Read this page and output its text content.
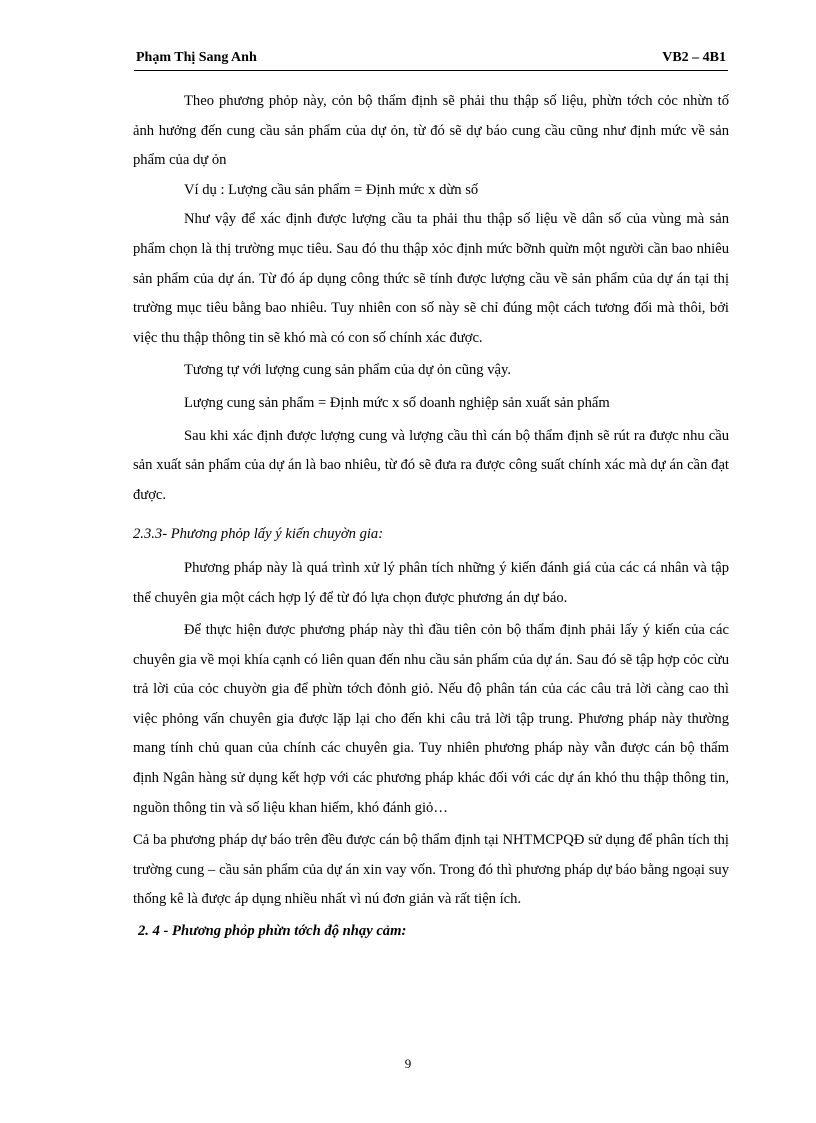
Phạm Thị Sang Anh	VB2 – 4B1

Theo phương phỏp này, cỏn bộ thẩm định sẽ phải thu thập số liệu, phừn tớch cỏc nhừn tố ảnh hưởng đến cung cầu sản phẩm của dự ỏn, từ đó sẽ dự báo cung cầu cũng như định mức về sản phẩm của dự ỏn

Ví dụ : Lượng cầu sản phẩm = Định mức x dừn số

Như vậy để xác định được lượng cầu ta phải thu thập số liệu về dân số của vùng mà sản phẩm chọn là thị trường mục tiêu. Sau đó thu thập xỏc định mức bỡnh quừn một người cần bao nhiêu sản phẩm của dự án. Từ đó áp dụng công thức sẽ tính được lượng cầu về sản phẩm của dự án tại thị trường mục tiêu bằng bao nhiêu. Tuy nhiên con số này sẽ chỉ đúng một cách tương đối mà thôi, bởi việc thu thập thông tin sẽ khó mà có con số chính xác được.

Tương tự với lượng cung sản phẩm của dự ỏn cũng vậy.

Lượng cung sản phẩm = Định mức x số doanh nghiệp sản xuất sản phẩm

Sau khi xác định được lượng cung và lượng cầu thì cán bộ thẩm định sẽ rút ra được nhu cầu sản xuất sản phẩm của dự án là bao nhiêu, từ đó sẽ đưa ra được công suất chính xác mà dự án cần đạt được.

2.3.3- Phương phỏp lấy ý kiến chuyờn gia:

Phương pháp này là quá trình xử lý phân tích những ý kiến đánh giá của các cá nhân và tập thể chuyên gia một cách hợp lý để từ đó lựa chọn được phương án dự báo.

Để thực hiện được phương pháp này thì đầu tiên cỏn bộ thẩm định phải lấy ý kiến của các chuyên gia về mọi khía cạnh có liên quan đến nhu cầu sản phẩm của dự án. Sau đó sẽ tập hợp cỏc cừu trả lời của cỏc chuyờn gia để phừn tớch đỏnh giỏ. Nếu độ phân tán của các câu trả lời càng cao thì việc phỏng vấn chuyên gia được lặp lại cho đến khi câu trả lời tập trung. Phương pháp này thường mang tính chủ quan của chính các chuyên gia. Tuy nhiên phương pháp này vẫn được cán bộ thẩm định Ngân hàng sử dụng kết hợp với các phương pháp khác đối với các dự án khó thu thập thông tin, nguồn thông tin và số liệu khan hiếm, khó đánh giỏ…

Cả ba phương pháp dự báo trên đều được cán bộ thẩm định tại NHTMCPQĐ sử dụng để phân tích thị trường cung – cầu sản phẩm của dự án xin vay vốn. Trong đó thì phương pháp dự báo bằng ngoại suy thống kê là được áp dụng nhiều nhất vì nú đơn giản và rất tiện ích.

2. 4 - Phương phỏp phừn tớch độ nhạy cảm:

9
